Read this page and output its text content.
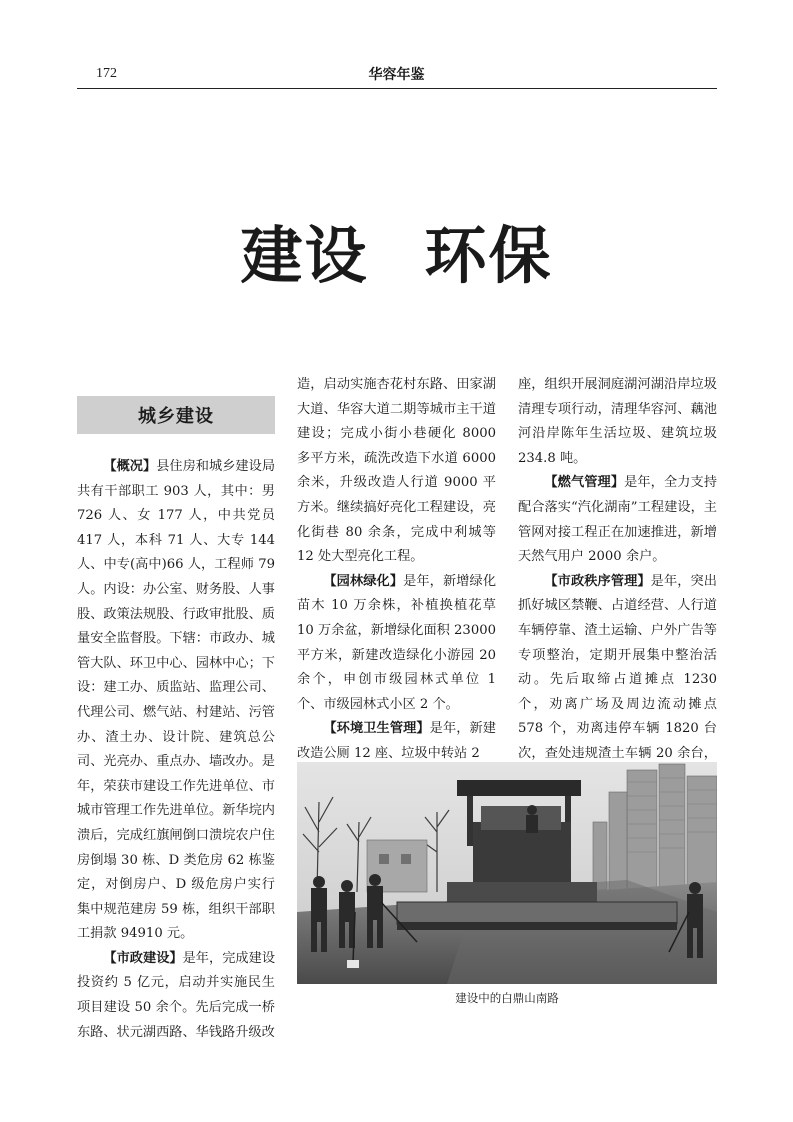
172	华容年鉴
建设 环保
城乡建设

【概况】县住房和城乡建设局共有干部职工 903 人，其中：男 726 人、女 177 人，中共党员 417 人，本科 71 人、大专 144 人、中专(高中)66 人，工程师 79 人。内设：办公室、财务股、人事股、政策法规股、行政审批股、质量安全监督股。下辖：市政办、城管大队、环卫中心、园林中心；下设：建工办、质监站、监理公司、代理公司、燃气站、村建站、污管办、渣土办、设计院、建筑总公司、光亮办、重点办、墙改办。是年，荣获市建设工作先进单位、市城市管理工作先进单位。新华垸内溃后，完成红旗闸倒口溃垸农户住房倒塌 30 栋、D 类危房 62 栋鉴定，对倒房户、D 级危房户实行集中规范建房 59 栋，组织干部职工捐款 94910 元。

【市政建设】是年，完成建设投资约 5 亿元，启动并实施民生项目建设 50 余个。先后完成一桥东路、状元湖西路、华钱路升级改

造，启动实施杏花村东路、田家湖大道、华容大道二期等城市主干道建设；完成小街小巷硬化 8000 多平方米，疏洗改造下水道 6000 余米，升级改造人行道 9000 平方米。继续搞好亮化工程建设，亮化街巷 80 余条，完成中利城等 12 处大型亮化工程。

【园林绿化】是年，新增绿化苗木 10 万余株，补植换植花草 10 万余盆，新增绿化面积 23000 平方米，新建改造绿化小游园 20 余个，申创市级园林式单位 1 个、市级园林式小区 2 个。

【环境卫生管理】是年，新建改造公厕 12 座、垃圾中转站 2

座，组织开展洞庭湖河湖沿岸垃圾清理专项行动，清理华容河、藕池河沿岸陈年生活垃圾、建筑垃圾 234.8 吨。

【燃气管理】是年，全力支持配合落实“汽化湖南”工程建设，主管网对接工程正在加速推进，新增天然气用户 2000 余户。

【市政秩序管理】是年，突出抓好城区禁鞭、占道经营、人行道车辆停靠、渣土运输、户外广告等专项整治，定期开展集中整治活动。先后取缔占道摊点 1230 个，劝离广场及周边流动摊点 578 个，劝离违停车辆 1820 台次，查处违规渣土车辆 20 余台，

建设中的白鼎山南路
